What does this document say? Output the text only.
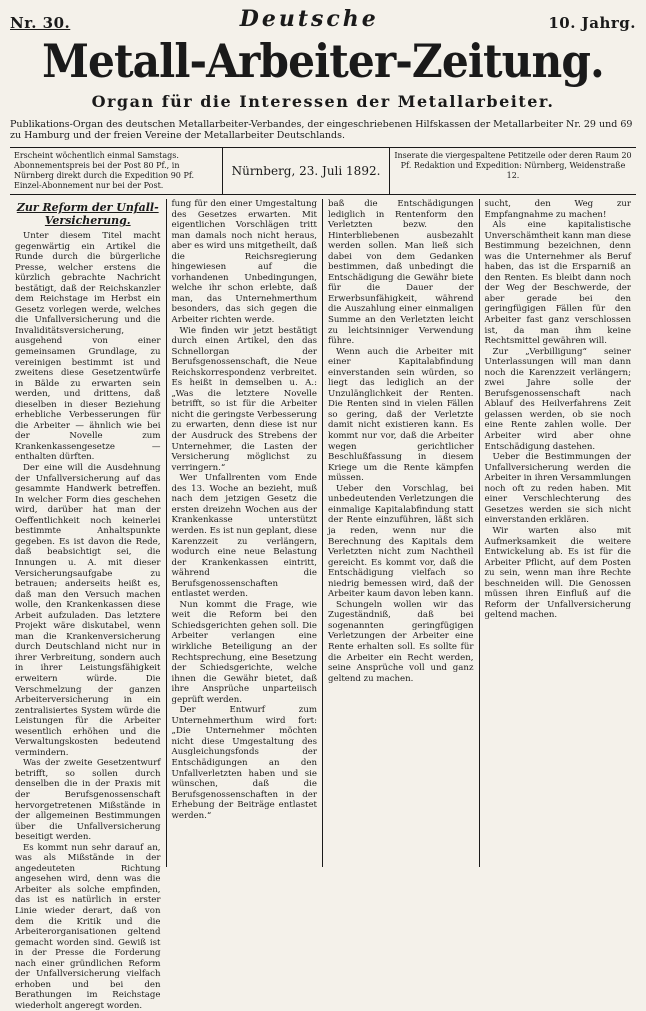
Nr. 30.	Deutsche	10. Jahrg.
Metall-Arbeiter-Zeitung.
Organ für die Interessen der Metallarbeiter.
Publikations-Organ des deutschen Metallarbeiter-Verbandes, der eingeschriebenen Hilfskassen der Metallarbeiter Nr. 29 und 69 zu Hamburg und der freien Vereine der Metallarbeiter Deutschlands.
Erscheint wöchentlich einmal Samstags. Abonnementspreis bei der Post 80 Pf., in Nürnberg direkt durch die Expedition 90 Pf. Einzel-Abonnement nur bei der Post.
Nürnberg, 23. Juli 1892.
Inserate die viergespaltene Petitzeile oder deren Raum 20 Pf. Redaktion und Expedition: Nürnberg, Weidenstraße 12.
Zur Reform der Unfall-Versicherung.

Unter diesem Titel macht gegenwärtig ein Artikel die Runde durch die bürgerliche Presse, welcher erstens die kürzlich gebrachte Nachricht bestätigt, daß der Reichskanzler dem Reichstage im Herbst ein Gesetz vorlegen werde, welches die Unfallversicherung und die Invaliditätsversicherung, ausgehend von einer gemeinsamen Grundlage, zu vereinigen bestimmt ist und zweitens diese Gesetzentwürfe in Bälde zu erwarten sein werden, und drittens, daß dieselben in dieser Beziehung erhebliche Verbesserungen für die Arbeiter — ähnlich wie bei der Novelle zum Krankenkassengesetze — enthalten dürften.

Der eine will die Ausdehnung der Unfallversicherung auf das gesammte Handwerk betreffen. In welcher Form dies geschehen wird, darüber hat man der Oeffentlichkeit noch keinerlei bestimmte Anhaltspunkte gegeben. Es ist davon die Rede, daß beabsichtigt sei, die Innungen u. A. mit dieser Versicherungsaufgabe zu betrauen; anderseits heißt es, daß man den Versuch machen wolle, den Krankenkassen diese Arbeit aufzuladen. Das letztere Projekt wäre diskutabel, wenn man die Krankenversicherung durch Deutschland nicht nur in ihrer Verbreitung, sondern auch in ihrer Leistungsfähigkeit erweitern würde. Die Verschmelzung der ganzen Arbeiterversicherung in ein zentralisiertes System würde die Leistungen für die Arbeiter wesentlich erhöhen und die Verwaltungskosten bedeutend vermindern.

Was der zweite Gesetzentwurf betrifft, so sollen durch denselben die in der Praxis mit der Berufsgenossenschaft hervorgetretenen Mißstände in der allgemeinen Bestimmungen über die Unfallversicherung beseitigt werden.

Es kommt nun sehr darauf an, was als Mißstände in der angedeuteten Richtung angesehen wird, denn was die Arbeiter als solche empfinden, das ist es natürlich in erster Linie wieder derart, daß von dem die Kritik und die Arbeiterorganisationen geltend gemacht worden sind. Gewiß ist in der Presse die Forderung nach einer gründlichen Reform der Unfallversicherung vielfach erhoben und bei den Berathungen im Reichstage wiederholt angeregt worden.

fung für den einer Umgestaltung des Gesetzes erwarten. Mit eigentlichen Vorschlägen tritt man damals noch nicht heraus, aber es wird uns mitgetheilt, daß die Reichsregierung hingewiesen auf die vorhandenen Unbedingungen, welche ihr schon erlebte, daß man, das Unternehmerthum besonders, das sich gegen die Arbeiter richten werde.

Wie finden wir jetzt bestätigt durch einen Artikel, den das Schnellorgan der Berufsgenossenschaft, die Neue Reichskorrespondenz verbreitet. Es heißt in demselben u. A.: „Was die letztere Novelle betrifft, so ist für die Arbeiter nicht die geringste Verbesserung zu erwarten, denn diese ist nur der Ausdruck des Strebens der Unternehmer, die Lasten der Versicherung möglichst zu verringern.“

Wer Unfallrenten vom Ende des 13. Woche an bezieht, muß nach dem jetzigen Gesetz die ersten dreizehn Wochen aus der Krankenkasse unterstützt werden. Es ist nun geplant, diese Karenzzeit zu verlängern, wodurch eine neue Belastung der Krankenkassen eintritt, während die Berufsgenossenschaften entlastet werden.

Nun kommt die Frage, wie weit die Reform bei den Schiedsgerichten gehen soll. Die Arbeiter verlangen eine wirkliche Beteiligung an der Rechtsprechung, eine Besetzung der Schiedsgerichte, welche ihnen die Gewähr bietet, daß ihre Ansprüche unparteiisch geprüft werden.

Der Entwurf zum Unternehmerthum wird fort: „Die Unternehmer möchten nicht diese Umgestaltung des Ausgleichungsfonds der Entschädigungen an den Unfallverletzten haben und sie wünschen, daß die Berufsgenossenschaften in der Erhebung der Beiträge entlastet werden.“

baß die Entschädigungen lediglich in Rentenform den Verletzten bezw. den Hinterbliebenen ausbezahlt werden sollen. Man ließ sich dabei von dem Gedanken bestimmen, daß unbedingt die Entschädigung die Gewähr biete für die Dauer der Erwerbsunfähigkeit, während die Auszahlung einer einmaligen Summe an den Verletzten leicht zu leichtsinniger Verwendung führe.

Wenn auch die Arbeiter mit einer Kapitalabfindung einverstanden sein würden, so liegt das lediglich an der Unzulänglichkeit der Renten. Die Renten sind in vielen Fällen so gering, daß der Verletzte damit nicht existieren kann. Es kommt nur vor, daß die Arbeiter wegen gerichtlicher Beschlußfassung in diesem Kriege um die Rente kämpfen müssen.

Ueber den Vorschlag, bei unbedeutenden Verletzungen die einmalige Kapitalabfindung statt der Rente einzuführen, läßt sich ja reden, wenn nur die Berechnung des Kapitals dem Verletzten nicht zum Nachtheil gereicht. Es kommt vor, daß die Entschädigung vielfach so niedrig bemessen wird, daß der Arbeiter kaum davon leben kann.

Schungeln wollen wir das Zugeständniß, daß bei sogenannten geringfügigen Verletzungen der Arbeiter eine Rente erhalten soll. Es sollte für die Arbeiter ein Recht werden, seine Ansprüche voll und ganz geltend zu machen.

sucht, den Weg zur Empfangnahme zu machen!

Als eine kapitalistische Unverschämtheit kann man diese Bestimmung bezeichnen, denn was die Unternehmer als Beruf haben, das ist die Ersparniß an den Renten. Es bleibt dann noch der Weg der Beschwerde, der aber gerade bei den geringfügigen Fällen für den Arbeiter fast ganz verschlossen ist, da man ihm keine Rechtsmittel gewähren will.

Zur „Verbilligung“ seiner Unterlassungen will man dann noch die Karenzzeit verlängern; zwei Jahre solle der Berufsgenossenschaft nach Ablauf des Heilverfahrens Zeit gelassen werden, ob sie noch eine Rente zahlen wolle. Der Arbeiter wird aber ohne Entschädigung dastehen.

Ueber die Bestimmungen der Unfallversicherung werden die Arbeiter in ihren Versammlungen noch oft zu reden haben. Mit einer Verschlechterung des Gesetzes werden sie sich nicht einverstanden erklären.

Wir warten also mit Aufmerksamkeit die weitere Entwickelung ab. Es ist für die Arbeiter Pflicht, auf dem Posten zu sein, wenn man ihre Rechte beschneiden will. Die Genossen müssen ihren Einfluß auf die Reform der Unfallversicherung geltend machen.
